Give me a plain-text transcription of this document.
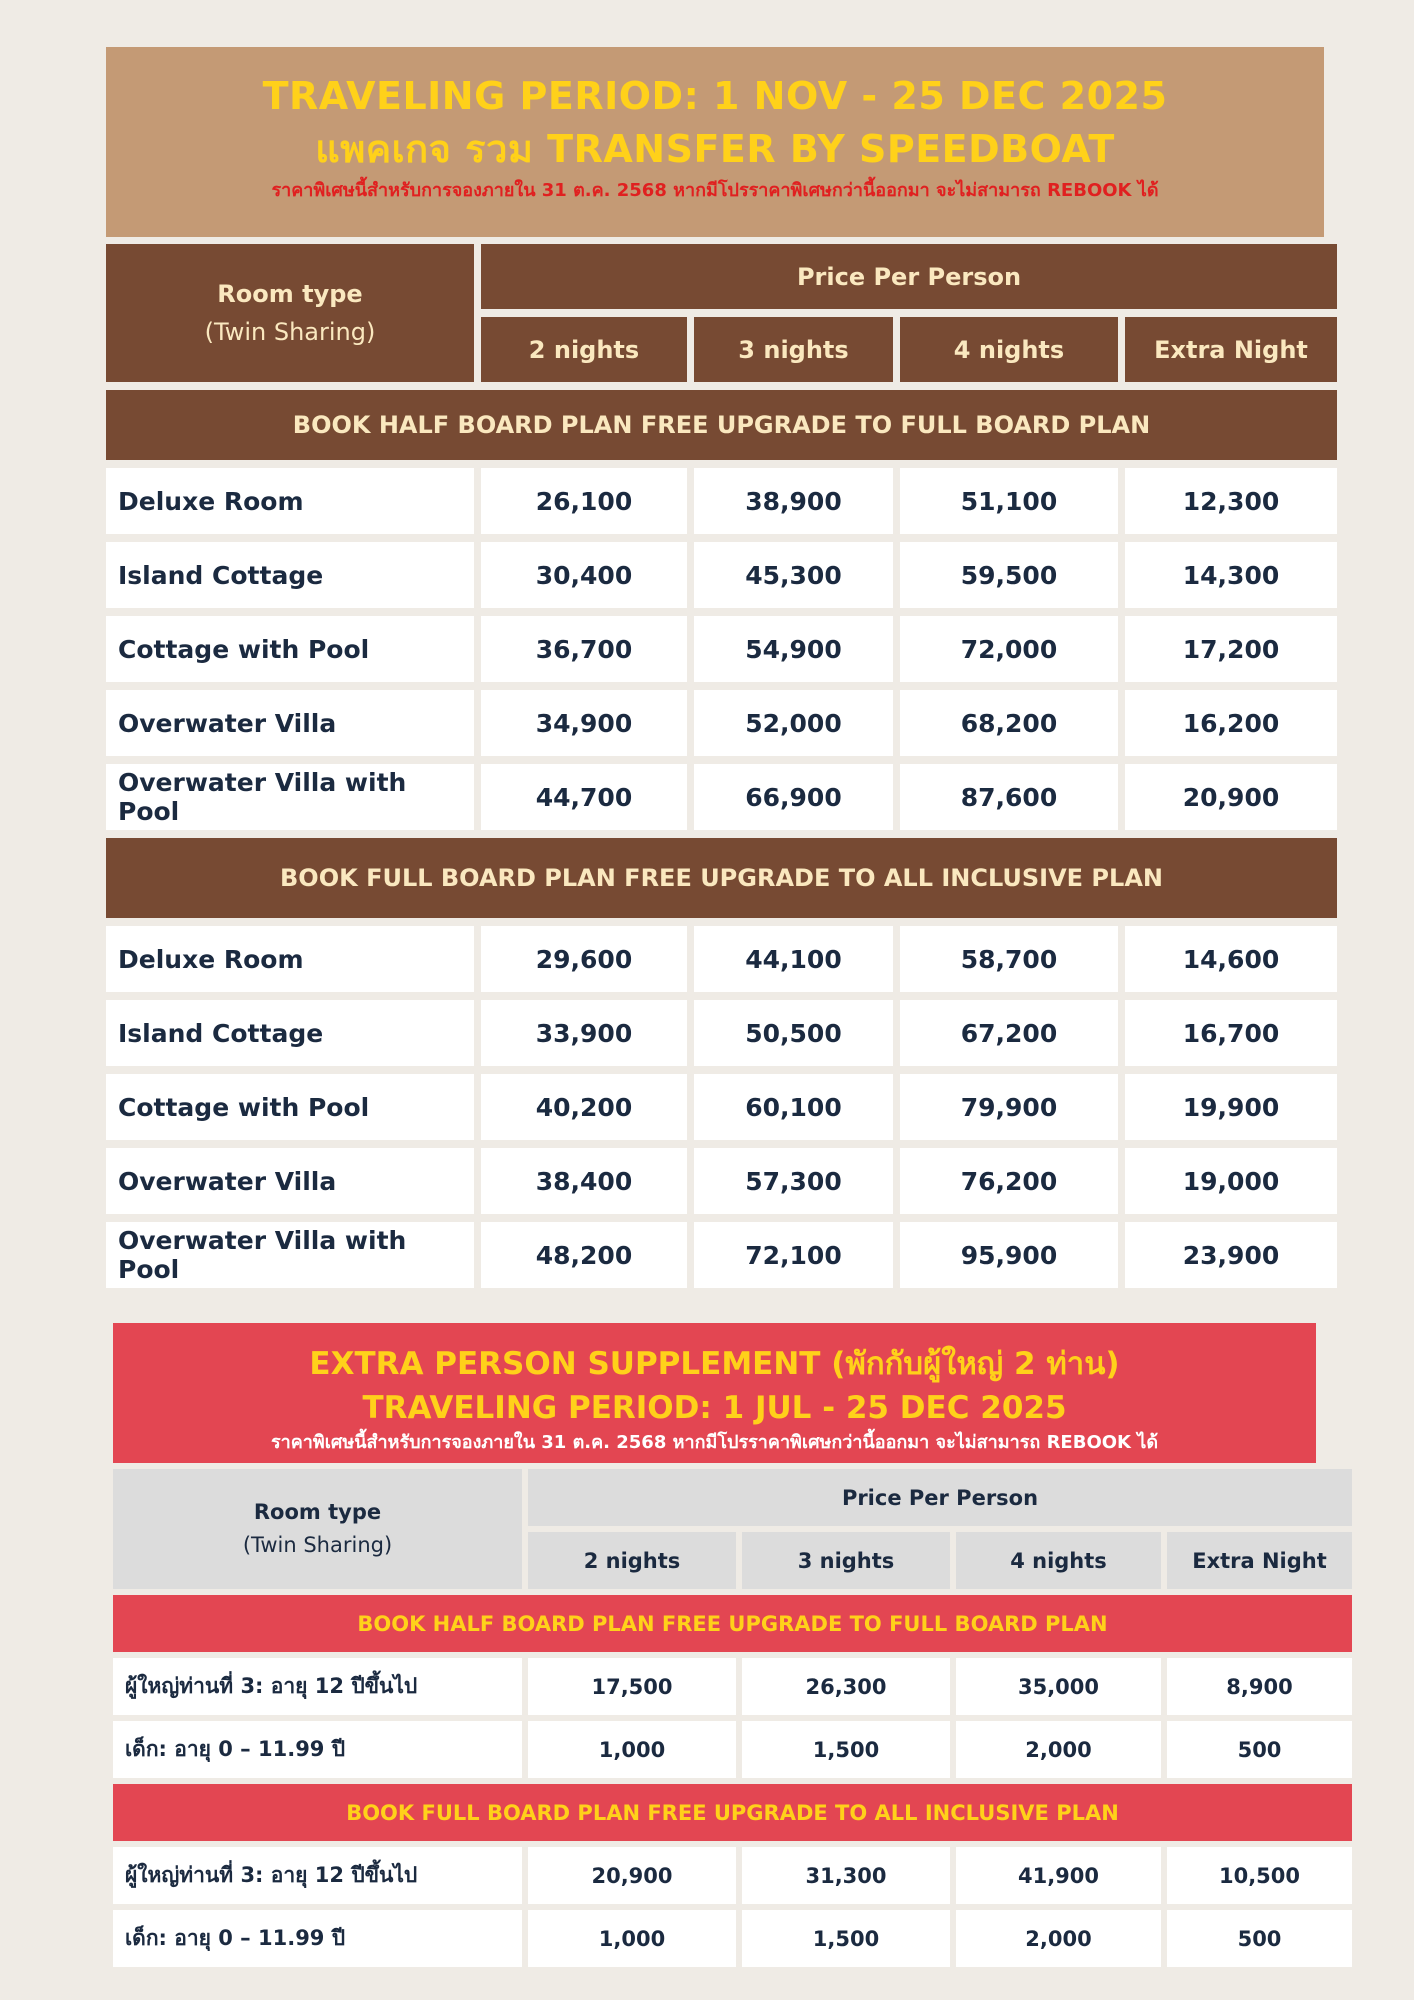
TRAVELING PERIOD: 1 NOV - 25 DEC 2025
แพคเกจ รวม TRANSFER BY SPEEDBOAT
ราคาพิเศษนี้สำหรับการจองภายใน 31 ต.ค. 2568 หากมีโปรราคาพิเศษกว่านี้ออกมา จะไม่สามารถ REBOOK ได้
Room type
(Twin Sharing)	Price Per Person			
	2 nights	3 nights	4 nights	Extra Night
BOOK HALF BOARD PLAN FREE UPGRADE TO FULL BOARD PLAN				
Deluxe Room	26,100	38,900	51,100	12,300
Island Cottage	30,400	45,300	59,500	14,300
Cottage with Pool	36,700	54,900	72,000	17,200
Overwater Villa	34,900	52,000	68,200	16,200
Overwater Villa with Pool	44,700	66,900	87,600	20,900
BOOK FULL BOARD PLAN FREE UPGRADE TO ALL INCLUSIVE PLAN				
Deluxe Room	29,600	44,100	58,700	14,600
Island Cottage	33,900	50,500	67,200	16,700
Cottage with Pool	40,200	60,100	79,900	19,900
Overwater Villa	38,400	57,300	76,200	19,000
Overwater Villa with Pool	48,200	72,100	95,900	23,900
EXTRA PERSON SUPPLEMENT (พักกับผู้ใหญ่ 2 ท่าน)
TRAVELING PERIOD: 1 JUL - 25 DEC 2025
ราคาพิเศษนี้สำหรับการจองภายใน 31 ต.ค. 2568 หากมีโปรราคาพิเศษกว่านี้ออกมา จะไม่สามารถ REBOOK ได้
Room type
(Twin Sharing)	Price Per Person			
	2 nights	3 nights	4 nights	Extra Night
BOOK HALF BOARD PLAN FREE UPGRADE TO FULL BOARD PLAN				
ผู้ใหญ่ท่านที่ 3: อายุ 12 ปีขึ้นไป	17,500	26,300	35,000	8,900
เด็ก: อายุ 0 – 11.99 ปี	1,000	1,500	2,000	500
BOOK FULL BOARD PLAN FREE UPGRADE TO ALL INCLUSIVE PLAN				
ผู้ใหญ่ท่านที่ 3: อายุ 12 ปีขึ้นไป	20,900	31,300	41,900	10,500
เด็ก: อายุ 0 – 11.99 ปี	1,000	1,500	2,000	500
